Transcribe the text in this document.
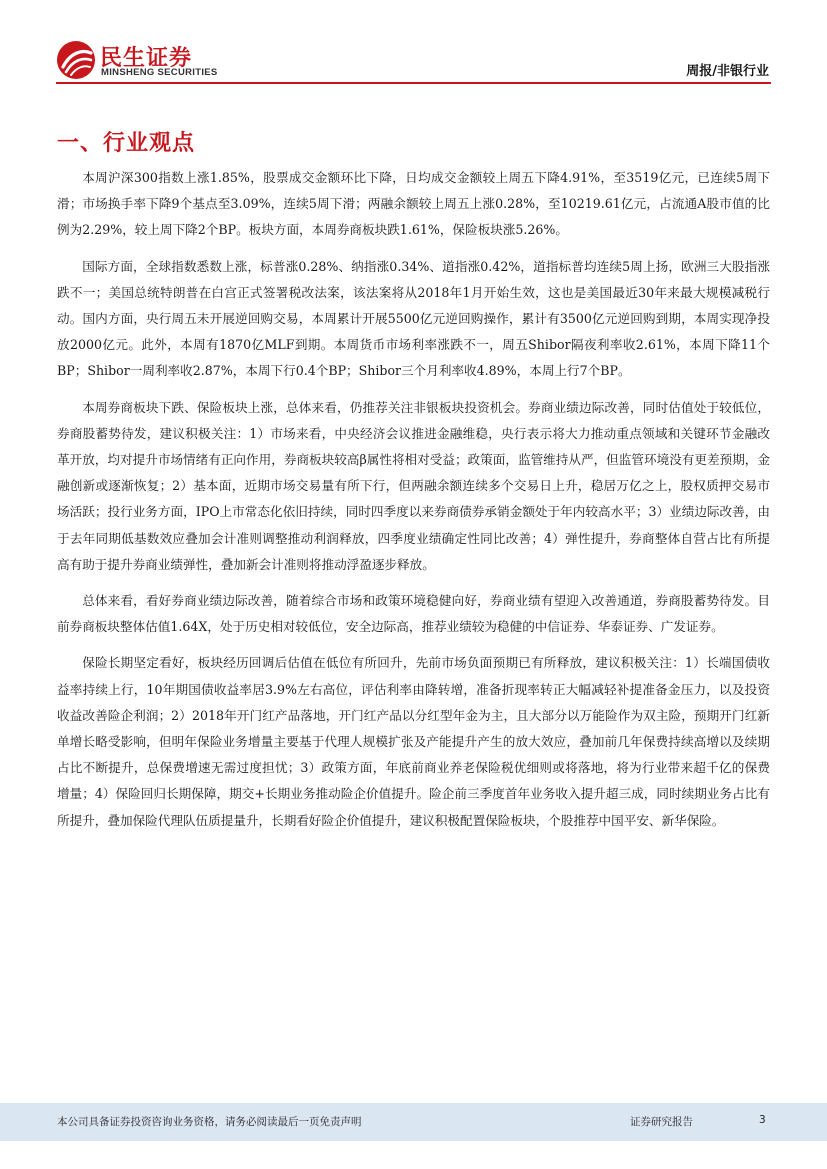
民生证券
MINSHENG SECURITIES	周报/非银行业
一、行业观点

本周沪深300指数上涨1.85%，股票成交金额环比下降，日均成交金额较上周五下降4.91%，至3519亿元，已连续5周下滑；市场换手率下降9个基点至3.09%，连续5周下滑；两融余额较上周五上涨0.28%，至10219.61亿元，占流通A股市值的比例为2.29%，较上周下降2个BP。板块方面，本周券商板块跌1.61%，保险板块涨5.26%。

国际方面，全球指数悉数上涨，标普涨0.28%、纳指涨0.34%、道指涨0.42%，道指标普均连续5周上扬，欧洲三大股指涨跌不一；美国总统特朗普在白宫正式签署税改法案，该法案将从2018年1月开始生效，这也是美国最近30年来最大规模减税行动。国内方面，央行周五未开展逆回购交易，本周累计开展5500亿元逆回购操作，累计有3500亿元逆回购到期，本周实现净投放2000亿元。此外，本周有1870亿MLF到期。本周货币市场利率涨跌不一，周五Shibor隔夜利率收2.61%，本周下降11个BP；Shibor一周利率收2.87%，本周下行0.4个BP；Shibor三个月利率收4.89%，本周上行7个BP。

本周券商板块下跌、保险板块上涨，总体来看，仍推荐关注非银板块投资机会。券商业绩边际改善，同时估值处于较低位，券商股蓄势待发，建议积极关注：1）市场来看，中央经济会议推进金融维稳，央行表示将大力推动重点领域和关键环节金融改革开放，均对提升市场情绪有正向作用，券商板块较高β属性将相对受益；政策面，监管维持从严，但监管环境没有更差预期，金融创新或逐渐恢复；2）基本面，近期市场交易量有所下行，但两融余额连续多个交易日上升，稳居万亿之上，股权质押交易市场活跃；投行业务方面，IPO上市常态化依旧持续，同时四季度以来券商债券承销金额处于年内较高水平；3）业绩边际改善，由于去年同期低基数效应叠加会计准则调整推动利润释放，四季度业绩确定性同比改善；4）弹性提升，券商整体自营占比有所提高有助于提升券商业绩弹性，叠加新会计准则将推动浮盈逐步释放。

总体来看，看好券商业绩边际改善，随着综合市场和政策环境稳健向好，券商业绩有望迎入改善通道，券商股蓄势待发。目前券商板块整体估值1.64X，处于历史相对较低位，安全边际高，推荐业绩较为稳健的中信证券、华泰证券、广发证券。

保险长期坚定看好，板块经历回调后估值在低位有所回升，先前市场负面预期已有所释放，建议积极关注：1）长端国债收益率持续上行，10年期国债收益率居3.9%左右高位，评估利率由降转增，准备折现率转正大幅减轻补提准备金压力，以及投资收益改善险企利润；2）2018年开门红产品落地，开门红产品以分红型年金为主，且大部分以万能险作为双主险，预期开门红新单增长略受影响，但明年保险业务增量主要基于代理人规模扩张及产能提升产生的放大效应，叠加前几年保费持续高增以及续期占比不断提升，总保费增速无需过度担忧；3）政策方面，年底前商业养老保险税优细则或将落地，将为行业带来超千亿的保费增量；4）保险回归长期保障，期交+长期业务推动险企价值提升。险企前三季度首年业务收入提升超三成，同时续期业务占比有所提升，叠加保险代理队伍质提量升，长期看好险企价值提升，建议积极配置保险板块，个股推荐中国平安、新华保险。

本公司具备证券投资咨询业务资格，请务必阅读最后一页免责声明	证券研究报告	3
